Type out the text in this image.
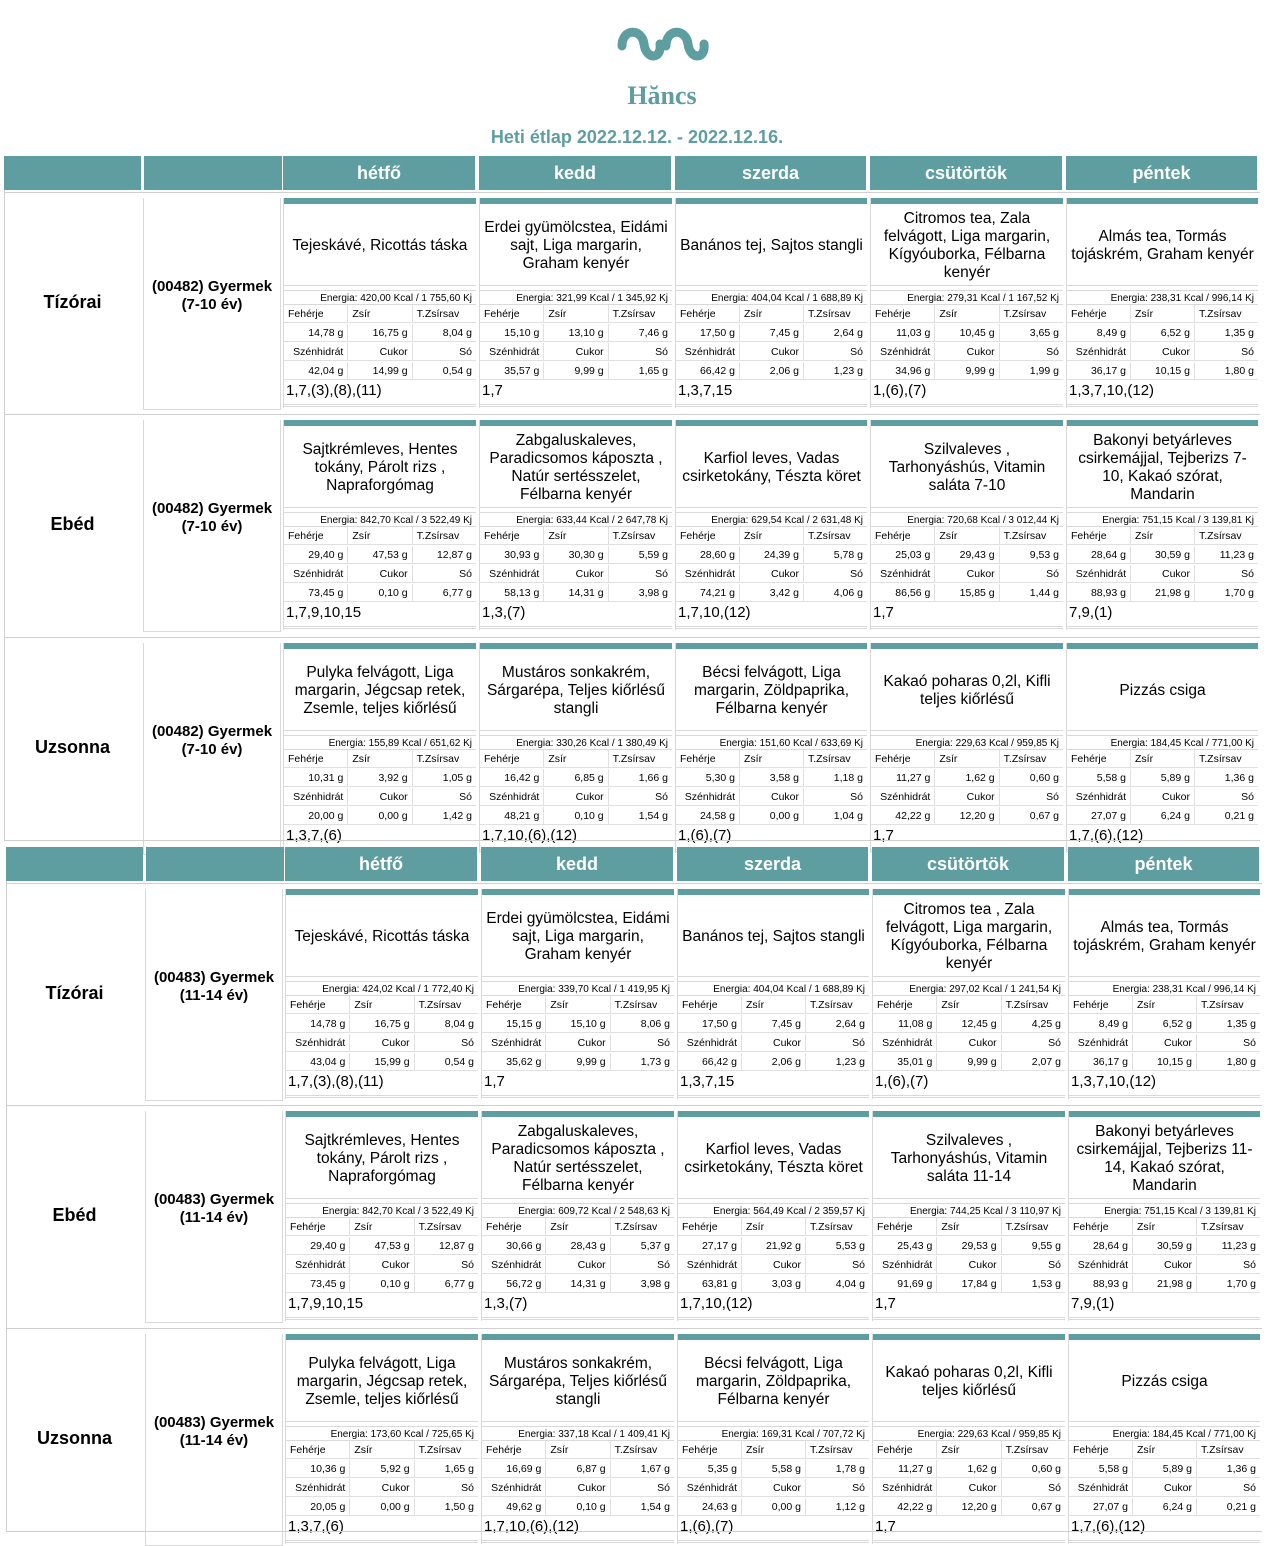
Hăncs
Heti étlap 2022.12.12. - 2022.12.16.
hétfő	kedd	szerda	csütörtök	péntek
Tízórai
(00482) Gyermek (7-10 év)
Tejeskávé, Ricottás táska
Energia: 420,00 Kcal / 1 755,60 Kj
Fehérje	Zsír	T.Zsírsav
14,78 g	16,75 g	8,04 g
Szénhidrát	Cukor	Só
42,04 g	14,99 g	0,54 g
1,7,(3),(8),(11)
Erdei gyümölcstea, Eidámi sajt, Liga margarin, Graham kenyér
Energia: 321,99 Kcal / 1 345,92 Kj
Fehérje	Zsír	T.Zsírsav
15,10 g	13,10 g	7,46 g
Szénhidrát	Cukor	Só
35,57 g	9,99 g	1,65 g
1,7
Banános tej, Sajtos stangli
Energia: 404,04 Kcal / 1 688,89 Kj
Fehérje	Zsír	T.Zsírsav
17,50 g	7,45 g	2,64 g
Szénhidrát	Cukor	Só
66,42 g	2,06 g	1,23 g
1,3,7,15
Citromos tea, Zala felvágott, Liga margarin, Kígyóuborka, Félbarna kenyér
Energia: 279,31 Kcal / 1 167,52 Kj
Fehérje	Zsír	T.Zsírsav
11,03 g	10,45 g	3,65 g
Szénhidrát	Cukor	Só
34,96 g	9,99 g	1,99 g
1,(6),(7)
Almás tea, Tormás tojáskrém, Graham kenyér
Energia: 238,31 Kcal / 996,14 Kj
Fehérje	Zsír	T.Zsírsav
8,49 g	6,52 g	1,35 g
Szénhidrát	Cukor	Só
36,17 g	10,15 g	1,80 g
1,3,7,10,(12)
Ebéd
(00482) Gyermek (7-10 év)
Sajtkrémleves, Hentes tokány, Párolt rizs , Napraforgómag
Energia: 842,70 Kcal / 3 522,49 Kj
Fehérje	Zsír	T.Zsírsav
29,40 g	47,53 g	12,87 g
Szénhidrát	Cukor	Só
73,45 g	0,10 g	6,77 g
1,7,9,10,15
Zabgaluskaleves, Paradicsomos káposzta , Natúr sertésszelet, Félbarna kenyér
Energia: 633,44 Kcal / 2 647,78 Kj
Fehérje	Zsír	T.Zsírsav
30,93 g	30,30 g	5,59 g
Szénhidrát	Cukor	Só
58,13 g	14,31 g	3,98 g
1,3,(7)
Karfiol leves, Vadas csirketokány, Tészta köret
Energia: 629,54 Kcal / 2 631,48 Kj
Fehérje	Zsír	T.Zsírsav
28,60 g	24,39 g	5,78 g
Szénhidrát	Cukor	Só
74,21 g	3,42 g	4,06 g
1,7,10,(12)
Szilvaleves , Tarhonyáshús, Vitamin saláta 7-10
Energia: 720,68 Kcal / 3 012,44 Kj
Fehérje	Zsír	T.Zsírsav
25,03 g	29,43 g	9,53 g
Szénhidrát	Cukor	Só
86,56 g	15,85 g	1,44 g
1,7
Bakonyi betyárleves csirkemájjal, Tejberizs 7-10, Kakaó szórat, Mandarin
Energia: 751,15 Kcal / 3 139,81 Kj
Fehérje	Zsír	T.Zsírsav
28,64 g	30,59 g	11,23 g
Szénhidrát	Cukor	Só
88,93 g	21,98 g	1,70 g
7,9,(1)
Uzsonna
(00482) Gyermek (7-10 év)
Pulyka felvágott, Liga margarin, Jégcsap retek, Zsemle, teljes kiőrlésű
Energia: 155,89 Kcal / 651,62 Kj
Fehérje	Zsír	T.Zsírsav
10,31 g	3,92 g	1,05 g
Szénhidrát	Cukor	Só
20,00 g	0,00 g	1,42 g
1,3,7,(6)
Mustáros sonkakrém, Sárgarépa, Teljes kiőrlésű stangli
Energia: 330,26 Kcal / 1 380,49 Kj
Fehérje	Zsír	T.Zsírsav
16,42 g	6,85 g	1,66 g
Szénhidrát	Cukor	Só
48,21 g	0,10 g	1,54 g
1,7,10,(6),(12)
Bécsi felvágott, Liga margarin, Zöldpaprika, Félbarna kenyér
Energia: 151,60 Kcal / 633,69 Kj
Fehérje	Zsír	T.Zsírsav
5,30 g	3,58 g	1,18 g
Szénhidrát	Cukor	Só
24,58 g	0,00 g	1,04 g
1,(6),(7)
Kakaó poharas 0,2l, Kifli teljes kiőrlésű
Energia: 229,63 Kcal / 959,85 Kj
Fehérje	Zsír	T.Zsírsav
11,27 g	1,62 g	0,60 g
Szénhidrát	Cukor	Só
42,22 g	12,20 g	0,67 g
1,7
Pizzás csiga
Energia: 184,45 Kcal / 771,00 Kj
Fehérje	Zsír	T.Zsírsav
5,58 g	5,89 g	1,36 g
Szénhidrát	Cukor	Só
27,07 g	6,24 g	0,21 g
1,7,(6),(12)
hétfő	kedd	szerda	csütörtök	péntek
Tízórai
(00483) Gyermek (11-14 év)
Tejeskávé, Ricottás táska
Energia: 424,02 Kcal / 1 772,40 Kj
Fehérje	Zsír	T.Zsírsav
14,78 g	16,75 g	8,04 g
Szénhidrát	Cukor	Só
43,04 g	15,99 g	0,54 g
1,7,(3),(8),(11)
Erdei gyümölcstea, Eidámi sajt, Liga margarin, Graham kenyér
Energia: 339,70 Kcal / 1 419,95 Kj
Fehérje	Zsír	T.Zsírsav
15,15 g	15,10 g	8,06 g
Szénhidrát	Cukor	Só
35,62 g	9,99 g	1,73 g
1,7
Banános tej, Sajtos stangli
Energia: 404,04 Kcal / 1 688,89 Kj
Fehérje	Zsír	T.Zsírsav
17,50 g	7,45 g	2,64 g
Szénhidrát	Cukor	Só
66,42 g	2,06 g	1,23 g
1,3,7,15
Citromos tea , Zala felvágott, Liga margarin, Kígyóuborka, Félbarna kenyér
Energia: 297,02 Kcal / 1 241,54 Kj
Fehérje	Zsír	T.Zsírsav
11,08 g	12,45 g	4,25 g
Szénhidrát	Cukor	Só
35,01 g	9,99 g	2,07 g
1,(6),(7)
Almás tea, Tormás tojáskrém, Graham kenyér
Energia: 238,31 Kcal / 996,14 Kj
Fehérje	Zsír	T.Zsírsav
8,49 g	6,52 g	1,35 g
Szénhidrát	Cukor	Só
36,17 g	10,15 g	1,80 g
1,3,7,10,(12)
Ebéd
(00483) Gyermek (11-14 év)
Sajtkrémleves, Hentes tokány, Párolt rizs , Napraforgómag
Energia: 842,70 Kcal / 3 522,49 Kj
Fehérje	Zsír	T.Zsírsav
29,40 g	47,53 g	12,87 g
Szénhidrát	Cukor	Só
73,45 g	0,10 g	6,77 g
1,7,9,10,15
Zabgaluskaleves, Paradicsomos káposzta , Natúr sertésszelet, Félbarna kenyér
Energia: 609,72 Kcal / 2 548,63 Kj
Fehérje	Zsír	T.Zsírsav
30,66 g	28,43 g	5,37 g
Szénhidrát	Cukor	Só
56,72 g	14,31 g	3,98 g
1,3,(7)
Karfiol leves, Vadas csirketokány, Tészta köret
Energia: 564,49 Kcal / 2 359,57 Kj
Fehérje	Zsír	T.Zsírsav
27,17 g	21,92 g	5,53 g
Szénhidrát	Cukor	Só
63,81 g	3,03 g	4,04 g
1,7,10,(12)
Szilvaleves , Tarhonyáshús, Vitamin saláta 11-14
Energia: 744,25 Kcal / 3 110,97 Kj
Fehérje	Zsír	T.Zsírsav
25,43 g	29,53 g	9,55 g
Szénhidrát	Cukor	Só
91,69 g	17,84 g	1,53 g
1,7
Bakonyi betyárleves csirkemájjal, Tejberizs 11-14, Kakaó szórat, Mandarin
Energia: 751,15 Kcal / 3 139,81 Kj
Fehérje	Zsír	T.Zsírsav
28,64 g	30,59 g	11,23 g
Szénhidrát	Cukor	Só
88,93 g	21,98 g	1,70 g
7,9,(1)
Uzsonna
(00483) Gyermek (11-14 év)
Pulyka felvágott, Liga margarin, Jégcsap retek, Zsemle, teljes kiőrlésű
Energia: 173,60 Kcal / 725,65 Kj
Fehérje	Zsír	T.Zsírsav
10,36 g	5,92 g	1,65 g
Szénhidrát	Cukor	Só
20,05 g	0,00 g	1,50 g
1,3,7,(6)
Mustáros sonkakrém, Sárgarépa, Teljes kiőrlésű stangli
Energia: 337,18 Kcal / 1 409,41 Kj
Fehérje	Zsír	T.Zsírsav
16,69 g	6,87 g	1,67 g
Szénhidrát	Cukor	Só
49,62 g	0,10 g	1,54 g
1,7,10,(6),(12)
Bécsi felvágott, Liga margarin, Zöldpaprika, Félbarna kenyér
Energia: 169,31 Kcal / 707,72 Kj
Fehérje	Zsír	T.Zsírsav
5,35 g	5,58 g	1,78 g
Szénhidrát	Cukor	Só
24,63 g	0,00 g	1,12 g
1,(6),(7)
Kakaó poharas 0,2l, Kifli teljes kiőrlésű
Energia: 229,63 Kcal / 959,85 Kj
Fehérje	Zsír	T.Zsírsav
11,27 g	1,62 g	0,60 g
Szénhidrát	Cukor	Só
42,22 g	12,20 g	0,67 g
1,7
Pizzás csiga
Energia: 184,45 Kcal / 771,00 Kj
Fehérje	Zsír	T.Zsírsav
5,58 g	5,89 g	1,36 g
Szénhidrát	Cukor	Só
27,07 g	6,24 g	0,21 g
1,7,(6),(12)
